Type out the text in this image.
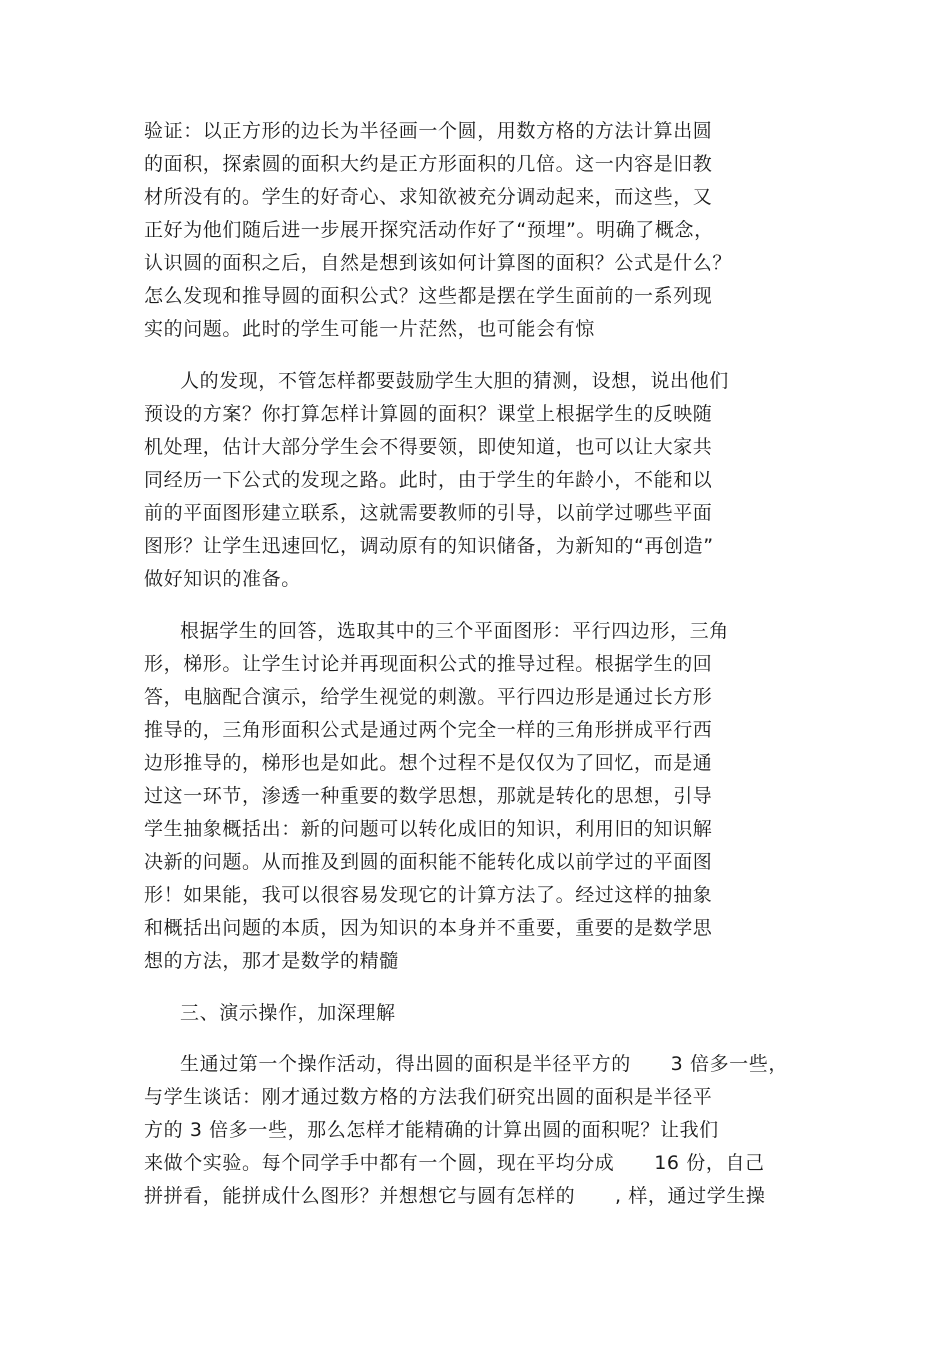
验证：以正方形的边长为半径画一个圆，用数方格的方法计算出圆
的面积，探索圆的面积大约是正方形面积的几倍。这一内容是旧教
材所没有的。学生的好奇心、求知欲被充分调动起来，而这些，又
正好为他们随后进一步展开探究活动作好了“预埋”。明确了概念，
认识圆的面积之后，自然是想到该如何计算图的面积？公式是什么？
怎么发现和推导圆的面积公式？这些都是摆在学生面前的一系列现
实的问题。此时的学生可能一片茫然，也可能会有惊
人的发现，不管怎样都要鼓励学生大胆的猜测，设想，说出他们
预设的方案？你打算怎样计算圆的面积？课堂上根据学生的反映随
机处理，估计大部分学生会不得要领，即使知道，也可以让大家共
同经历一下公式的发现之路。此时，由于学生的年龄小，不能和以
前的平面图形建立联系，这就需要教师的引导，以前学过哪些平面
图形？让学生迅速回忆，调动原有的知识储备，为新知的“再创造”
做好知识的准备。
根据学生的回答，选取其中的三个平面图形：平行四边形，三角
形，梯形。让学生讨论并再现面积公式的推导过程。根据学生的回
答，电脑配合演示，给学生视觉的刺激。平行四边形是通过长方形
推导的，三角形面积公式是通过两个完全一样的三角形拼成平行西
边形推导的，梯形也是如此。想个过程不是仅仅为了回忆，而是通
过这一环节，渗透一种重要的数学思想，那就是转化的思想，引导
学生抽象概括出：新的问题可以转化成旧的知识，利用旧的知识解
决新的问题。从而推及到圆的面积能不能转化成以前学过的平面图
形！如果能，我可以很容易发现它的计算方法了。经过这样的抽象
和概括出问题的本质，因为知识的本身并不重要，重要的是数学思
想的方法，那才是数学的精髓
三、演示操作，加深理解
生通过第一个操作活动，得出圆的面积是半径平方的      3 倍多一些，
与学生谈话：刚才通过数方格的方法我们研究出圆的面积是半径平
方的 3 倍多一些，那么怎样才能精确的计算出圆的面积呢？让我们
来做个实验。每个同学手中都有一个圆，现在平均分成      16 份，自己
拼拼看，能拼成什么图形？并想想它与圆有怎样的      , 样，通过学生操
